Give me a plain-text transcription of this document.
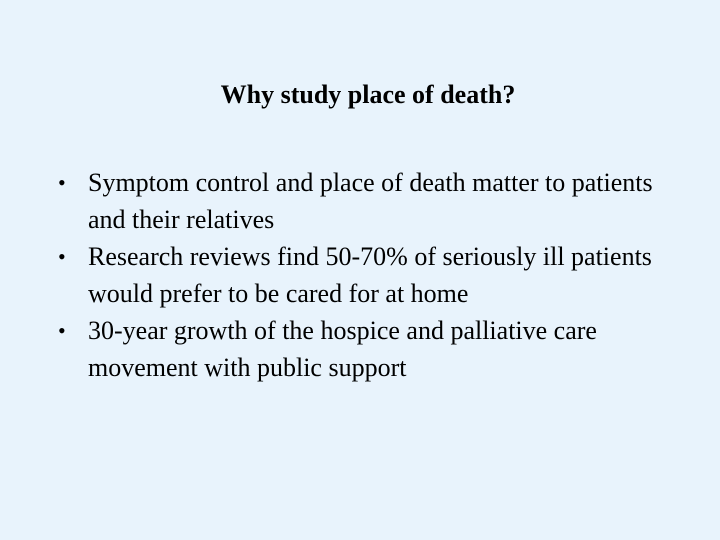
Why study place of death?
• Symptom control and place of death matter to patients and their relatives
• Research reviews find 50-70% of seriously ill patients would prefer to be cared for at home
• 30-year growth of the hospice and palliative care movement with public support
